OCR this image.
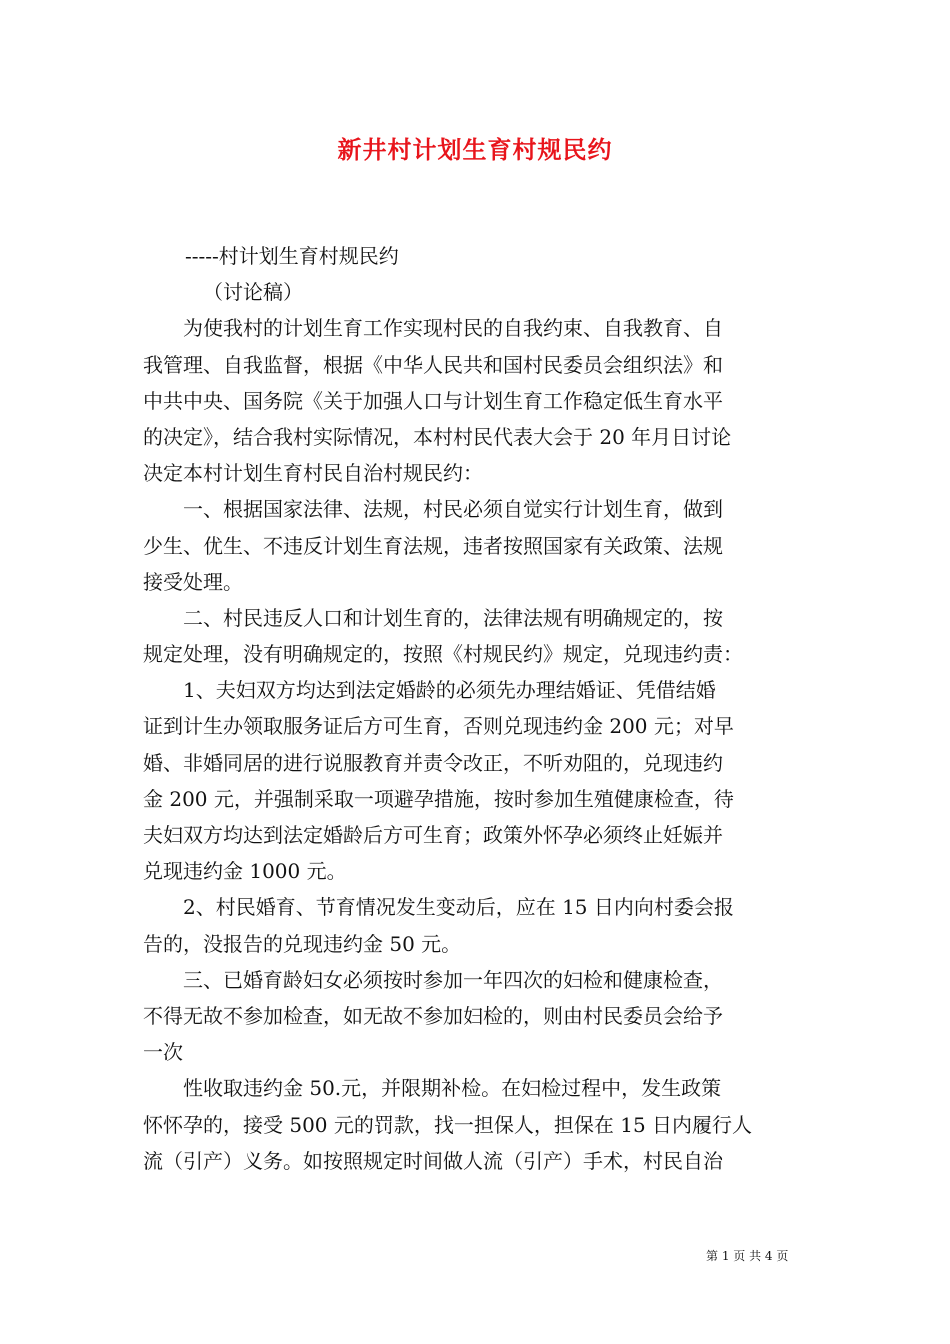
新井村计划生育村规民约
-----村计划生育村规民约
（讨论稿）
　　为使我村的计划生育工作实现村民的自我约束、自我教育、自
我管理、自我监督，根据《中华人民共和国村民委员会组织法》和
中共中央、国务院《关于加强人口与计划生育工作稳定低生育水平
的决定》，结合我村实际情况，本村村民代表大会于 20 年月日讨论
决定本村计划生育村民自治村规民约：
　　一、根据国家法律、法规，村民必须自觉实行计划生育，做到
少生、优生、不违反计划生育法规，违者按照国家有关政策、法规
接受处理。
　　二、村民违反人口和计划生育的，法律法规有明确规定的，按
规定处理，没有明确规定的，按照《村规民约》规定，兑现违约责：
　　1、夫妇双方均达到法定婚龄的必须先办理结婚证、凭借结婚
证到计生办领取服务证后方可生育，否则兑现违约金 200 元；对早
婚、非婚同居的进行说服教育并责令改正，不听劝阻的，兑现违约
金 200 元，并强制采取一项避孕措施，按时参加生殖健康检查，待
夫妇双方均达到法定婚龄后方可生育；政策外怀孕必须终止妊娠并
兑现违约金 1000 元。
　　2、村民婚育、节育情况发生变动后，应在 15 日内向村委会报
告的，没报告的兑现违约金 50 元。
　　三、已婚育龄妇女必须按时参加一年四次的妇检和健康检查，
不得无故不参加检查，如无故不参加妇检的，则由村民委员会给予
一次
　　性收取违约金 50.元，并限期补检。在妇检过程中，发生政策
怀怀孕的，接受 500 元的罚款，找一担保人，担保在 15 日内履行人
流（引产）义务。如按照规定时间做人流（引产）手术，村民自治
第 1 页 共 4 页
